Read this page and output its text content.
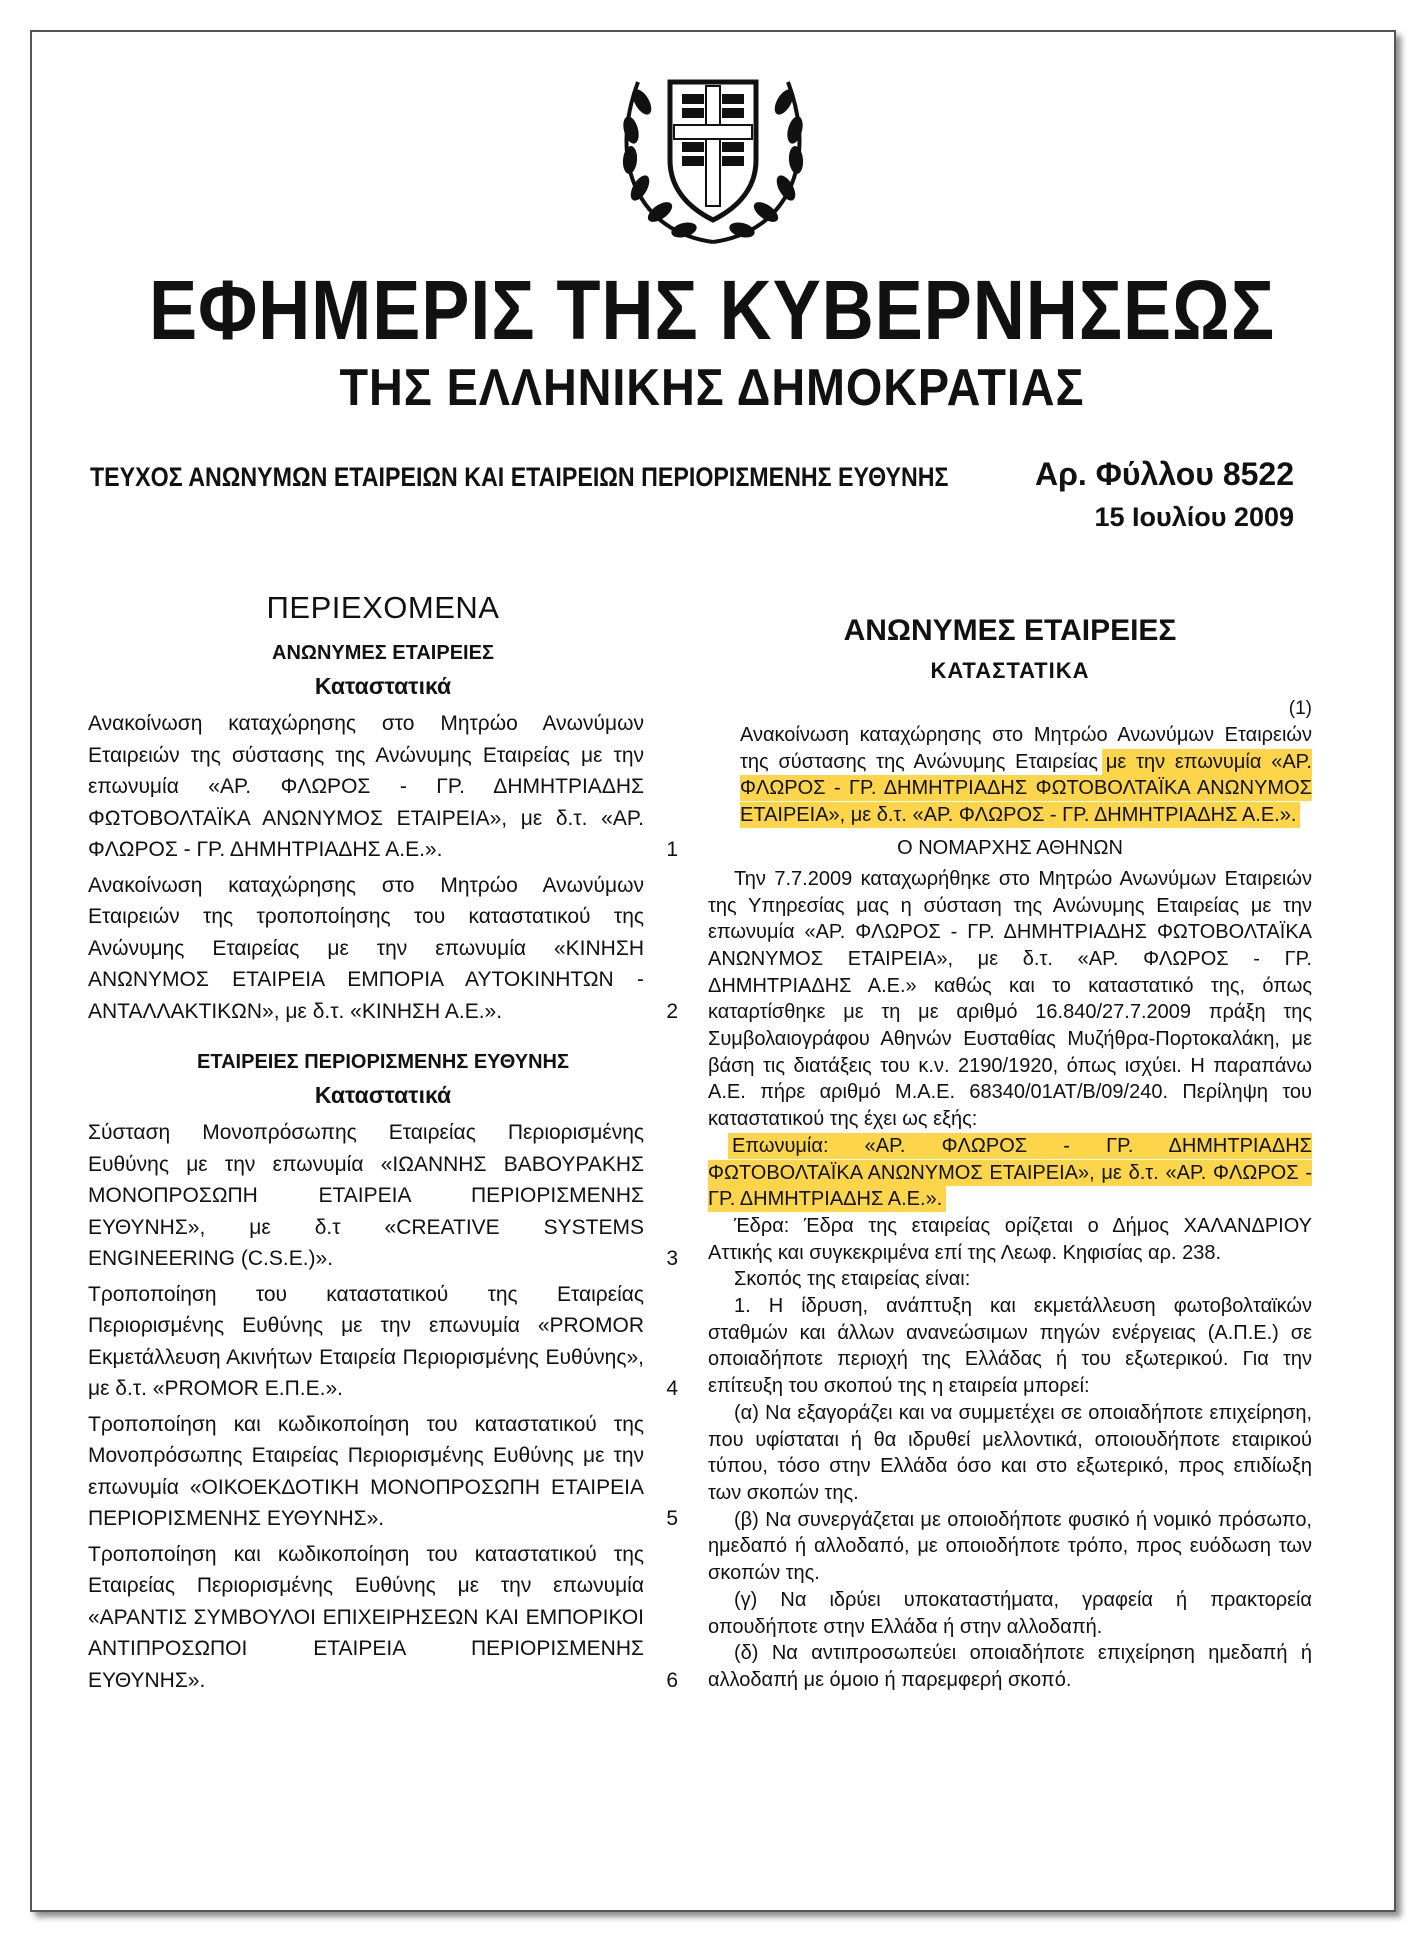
ΕΦΗΜΕΡΙΣ ΤΗΣ ΚΥΒΕΡΝΗΣΕΩΣ
ΤΗΣ ΕΛΛΗΝΙΚΗΣ ΔΗΜΟΚΡΑΤΙΑΣ
ΤΕΥΧΟΣ ΑΝΩΝΥΜΩΝ ΕΤΑΙΡΕΙΩΝ ΚΑΙ ΕΤΑΙΡΕΙΩΝ ΠΕΡΙΟΡΙΣΜΕΝΗΣ ΕΥΘΥΝΗΣ	Αρ. Φύλλου 8522
15 Ιουλίου 2009
ΠΕΡΙΕΧΟΜΕΝΑ
ΑΝΩΝΥΜΕΣ ΕΤΑΙΡΕΙΕΣ
Καταστατικά
Ανακοίνωση καταχώρησης στο Μητρώο Ανωνύμων Εταιρειών της σύστασης της Ανώνυμης Εταιρείας με την επωνυμία «ΑΡ. ΦΛΩΡΟΣ - ΓΡ. ΔΗΜΗΤΡΙΑΔΗΣ ΦΩΤΟΒΟΛΤΑΪΚΑ ΑΝΩΝΥΜΟΣ ΕΤΑΙΡΕΙΑ», με δ.τ. «ΑΡ. ΦΛΩΡΟΣ - ΓΡ. ΔΗΜΗΤΡΙΑΔΗΣ Α.Ε.».	1
Ανακοίνωση καταχώρησης στο Μητρώο Ανωνύμων Εταιρειών της τροποποίησης του καταστατικού της Ανώνυμης Εταιρείας με την επωνυμία «ΚΙΝΗΣΗ ΑΝΩΝΥΜΟΣ ΕΤΑΙΡΕΙΑ ΕΜΠΟΡΙΑ ΑΥΤΟΚΙΝΗΤΩΝ - ΑΝΤΑΛΛΑΚΤΙΚΩΝ», με δ.τ. «ΚΙΝΗΣΗ Α.Ε.».	2
ΕΤΑΙΡΕΙΕΣ ΠΕΡΙΟΡΙΣΜΕΝΗΣ ΕΥΘΥΝΗΣ
Καταστατικά
Σύσταση Μονοπρόσωπης Εταιρείας Περιορισμένης Ευθύνης με την επωνυμία «ΙΩΑΝΝΗΣ ΒΑΒΟΥΡΑΚΗΣ ΜΟΝΟΠΡΟΣΩΠΗ ΕΤΑΙΡΕΙΑ ΠΕΡΙΟΡΙΣΜΕΝΗΣ ΕΥΘΥΝΗΣ», με δ.τ «CREATIVE SYSTEMS ENGINEERING (C.S.E.)».	3
Τροποποίηση του καταστατικού της Εταιρείας Περιορισμένης Ευθύνης με την επωνυμία «PROMOR Εκμετάλλευση Ακινήτων Εταιρεία Περιορισμένης Ευθύνης», με δ.τ. «PROMOR Ε.Π.Ε.».	4
Τροποποίηση και κωδικοποίηση του καταστατικού της Μονοπρόσωπης Εταιρείας Περιορισμένης Ευθύνης με την επωνυμία «ΟΙΚΟΕΚΔΟΤΙΚΗ ΜΟΝΟΠΡΟΣΩΠΗ ΕΤΑΙΡΕΙΑ ΠΕΡΙΟΡΙΣΜΕΝΗΣ ΕΥΘΥΝΗΣ».	5
Τροποποίηση και κωδικοποίηση του καταστατικού της Εταιρείας Περιορισμένης Ευθύνης με την επωνυμία «ΑΡΑΝΤΙΣ ΣΥΜΒΟΥΛΟΙ ΕΠΙΧΕΙΡΗΣΕΩΝ ΚΑΙ ΕΜΠΟΡΙΚΟΙ ΑΝΤΙΠΡΟΣΩΠΟΙ ΕΤΑΙΡΕΙΑ ΠΕΡΙΟΡΙΣΜΕΝΗΣ ΕΥΘΥΝΗΣ».	6
ΑΝΩΝΥΜΕΣ ΕΤΑΙΡΕΙΕΣ
ΚΑΤΑΣΤΑΤΙΚΑ
(1)

Ανακοίνωση καταχώρησης στο Μητρώο Ανωνύμων Εταιρειών της σύστασης της Ανώνυμης Εταιρείας με την επωνυμία «ΑΡ. ΦΛΩΡΟΣ - ΓΡ. ΔΗΜΗΤΡΙΑΔΗΣ ΦΩΤΟΒΟΛΤΑΪΚΑ ΑΝΩΝΥΜΟΣ ΕΤΑΙΡΕΙΑ», με δ.τ. «ΑΡ. ΦΛΩΡΟΣ - ΓΡ. ΔΗΜΗΤΡΙΑΔΗΣ Α.Ε.».

Ο ΝΟΜΑΡΧΗΣ ΑΘΗΝΩΝ

Την 7.7.2009 καταχωρήθηκε στο Μητρώο Ανωνύμων Εταιρειών της Υπηρεσίας μας η σύσταση της Ανώνυμης Εταιρείας με την επωνυμία «ΑΡ. ΦΛΩΡΟΣ - ΓΡ. ΔΗΜΗΤΡΙΑΔΗΣ ΦΩΤΟΒΟΛΤΑΪΚΑ ΑΝΩΝΥΜΟΣ ΕΤΑΙΡΕΙΑ», με δ.τ. «ΑΡ. ΦΛΩΡΟΣ - ΓΡ. ΔΗΜΗΤΡΙΑΔΗΣ Α.Ε.» καθώς και το καταστατικό της, όπως καταρτίσθηκε με τη με αριθμό 16.840/27.7.2009 πράξη της Συμβολαιογράφου Αθηνών Ευσταθίας Μυζήθρα-Πορτοκαλάκη, με βάση τις διατάξεις του κ.ν. 2190/1920, όπως ισχύει. Η παραπάνω Α.Ε. πήρε αριθμό Μ.Α.Ε. 68340/01ΑΤ/Β/09/240. Περίληψη του καταστατικού της έχει ως εξής:

Επωνυμία: «ΑΡ. ΦΛΩΡΟΣ - ΓΡ. ΔΗΜΗΤΡΙΑΔΗΣ ΦΩΤΟΒΟΛΤΑΪΚΑ ΑΝΩΝΥΜΟΣ ΕΤΑΙΡΕΙΑ», με δ.τ. «ΑΡ. ΦΛΩΡΟΣ - ΓΡ. ΔΗΜΗΤΡΙΑΔΗΣ Α.Ε.».

Έδρα: Έδρα της εταιρείας ορίζεται ο Δήμος ΧΑΛΑΝΔΡΙΟΥ Αττικής και συγκεκριμένα επί της Λεωφ. Κηφισίας αρ. 238.

Σκοπός της εταιρείας είναι:

1. Η ίδρυση, ανάπτυξη και εκμετάλλευση φωτοβολταϊκών σταθμών και άλλων ανανεώσιμων πηγών ενέργειας (Α.Π.Ε.) σε οποιαδήποτε περιοχή της Ελλάδας ή του εξωτερικού. Για την επίτευξη του σκοπού της η εταιρεία μπορεί:

(α) Να εξαγοράζει και να συμμετέχει σε οποιαδήποτε επιχείρηση, που υφίσταται ή θα ιδρυθεί μελλοντικά, οποιουδήποτε εταιρικού τύπου, τόσο στην Ελλάδα όσο και στο εξωτερικό, προς επιδίωξη των σκοπών της.

(β) Να συνεργάζεται με οποιοδήποτε φυσικό ή νομικό πρόσωπο, ημεδαπό ή αλλοδαπό, με οποιοδήποτε τρόπο, προς ευόδωση των σκοπών της.

(γ) Να ιδρύει υποκαταστήματα, γραφεία ή πρακτορεία οπουδήποτε στην Ελλάδα ή στην αλλοδαπή.

(δ) Να αντιπροσωπεύει οποιαδήποτε επιχείρηση ημεδαπή ή αλλοδαπή με όμοιο ή παρεμφερή σκοπό.
